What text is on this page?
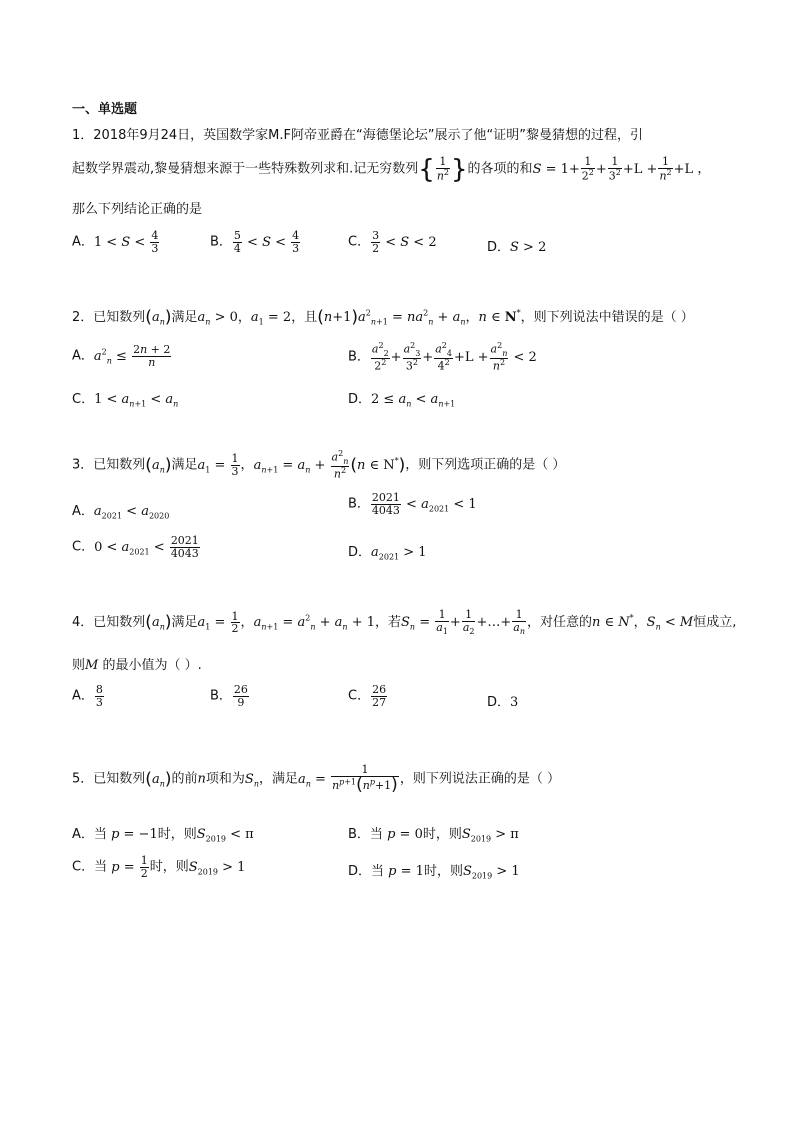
一、单选题
1．2018年9月24日，英国数学家M.F阿帝亚爵在“海德堡论坛”展示了他“证明”黎曼猜想的过程，引
起数学界震动,黎曼猜想来源于一些特殊数列求和.记无穷数列{ $\frac{1}{n^2}$ }的各项的和$S = 1+ \frac{1}{2^2} + \frac{1}{3^2} +L + \frac{1}{n^2} +L$ ，
那么下列结论正确的是
A．$1 < S < \frac{4}{3}$	B． $\frac{5}{4} < S < \frac{4}{3}$	C． $\frac{3}{2} < S < 2$	D．S > 2
2．已知数列$(a_n)$满足$a_n > 0$，$a_1 = 2$，且$(n+1)a^2_{n+1} = na^2_n + a_n$，n ∈ N*，则下列说法中错误的是（ ）
A．$a^2_n \le \frac{2n + 2}{n}$	B． $\frac{a^2_2}{2^2} + \frac{a^2_3}{3^2} + \frac{a^2_4}{4^2} +L + \frac{a^2_n}{n^2} < 2$
C．$1 < a_{n+1} < a_n$	D．$2 \le a_n < a_{n+1}$
3．已知数列$(a_n)$满足$a_1 = \frac{1}{3}$ ，$a_{n+1} = a_n + \frac{a^2_n}{n^2} (n$ ∈ N*)，则下列选项正确的是（ ）
A．$a_{2021} < a_{2020}$
B． $\frac{2021}{4043} < a_{2021} < 1$
C．$0 < a_{2021} < \frac{2021}{4043}$	D．$a_{2021} > 1$
4．已知数列$(a_n)$满足$a_1 = \frac{1}{2}$ ，$a_{n+1} = a^2_n + a_n + 1$，若$S_n = \frac{1}{a_1} + \frac{1}{a_2}$ +…+ $\frac{1}{a_n}$ ，对任意的n ∈ N*，$S_n < M$恒成立,
则M 的最小值为（ ）.
A． $\frac{8}{3}$	B． $\frac{26}{9}$	C． $\frac{26}{27}$	D．3
5．已知数列$(a_n)$的前n项和为$S_n$，满足$a_n = \frac{1}{n^{p+1}(n^p+1)}$ ，则下列说法正确的是（ ）
A．当 p = −1时，则$S_{2019} < \pi$	B．当 p = 0时，则$S_{2019} > \pi$
C．当 $p = \frac{1}{2}$ 时，则$S_{2019} > 1$	D．当 p = 1时，则$S_{2019} > 1$
